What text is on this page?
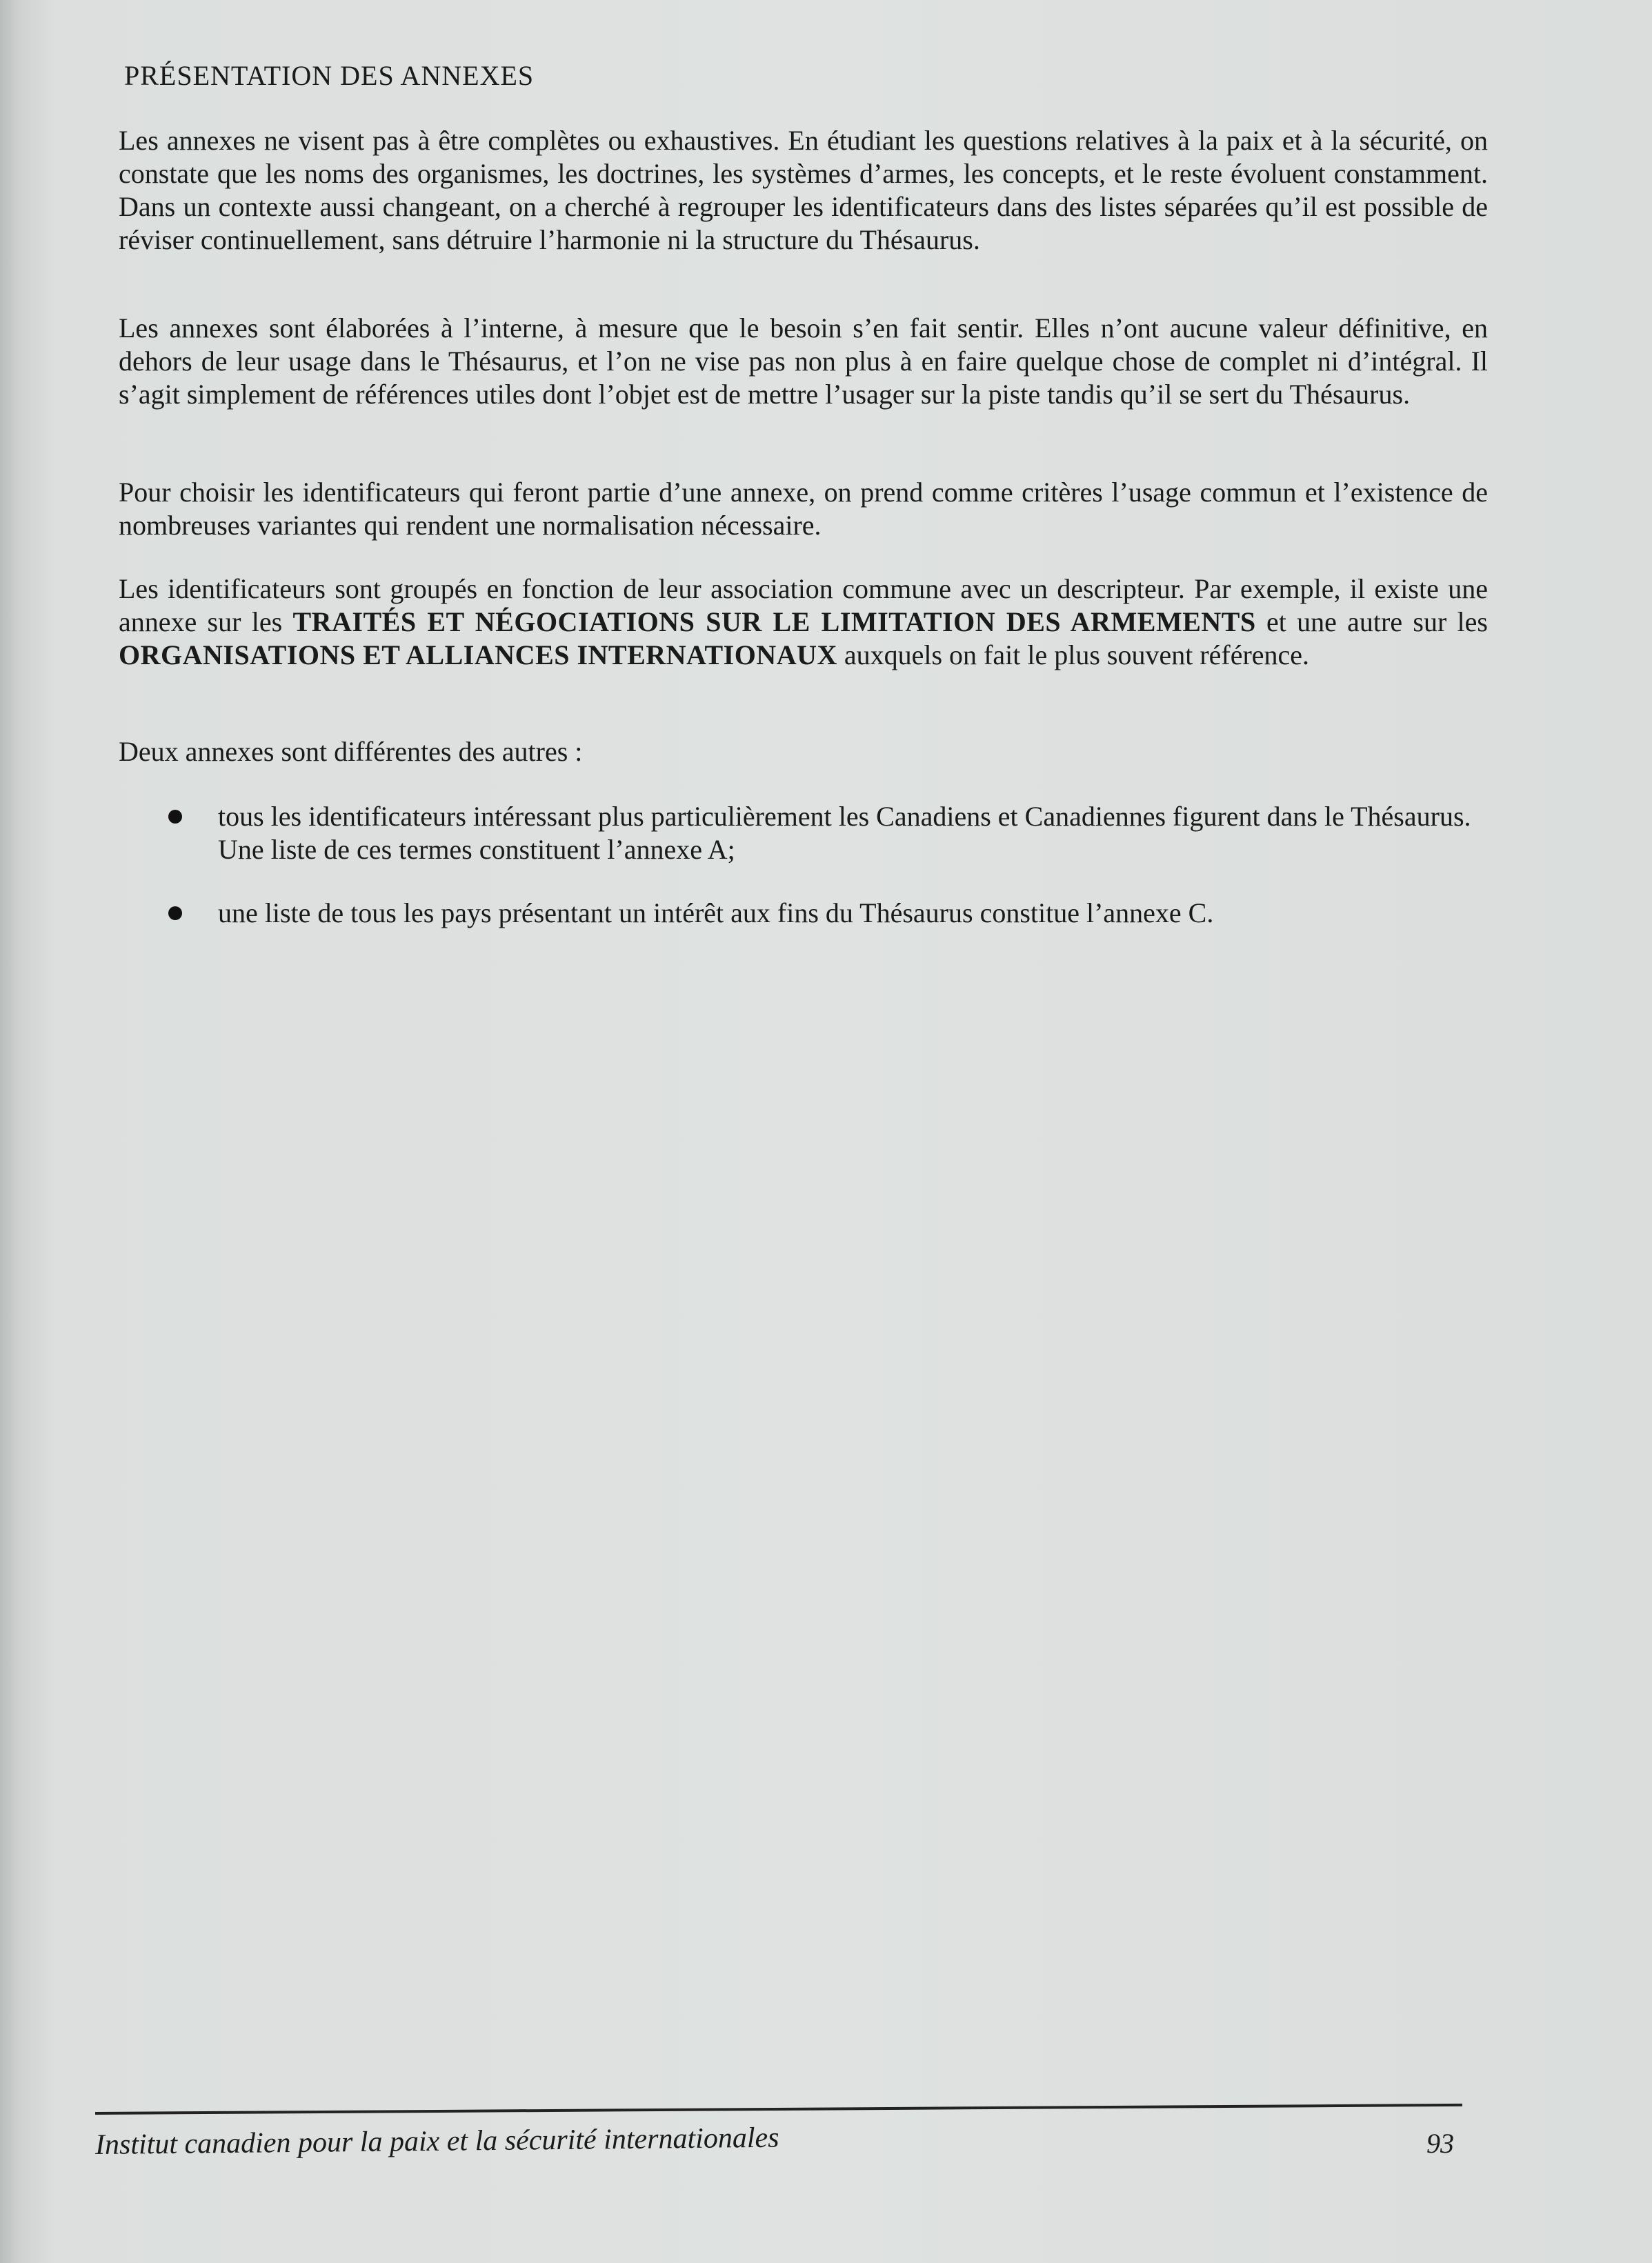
PRÉSENTATION DES ANNEXES

Les annexes ne visent pas à être complètes ou exhaustives. En étudiant les questions relatives à la paix et à la sécurité, on constate que les noms des organismes, les doctrines, les systèmes d’armes, les concepts, et le reste évoluent constamment. Dans un contexte aussi changeant, on a cherché à regrouper les identificateurs dans des listes séparées qu’il est possible de réviser continuellement, sans détruire l’harmonie ni la structure du Thésaurus.

Les annexes sont élaborées à l’interne, à mesure que le besoin s’en fait sentir. Elles n’ont aucune valeur définitive, en dehors de leur usage dans le Thésaurus, et l’on ne vise pas non plus à en faire quelque chose de complet ni d’intégral. Il s’agit simplement de références utiles dont l’objet est de mettre l’usager sur la piste tandis qu’il se sert du Thésaurus.

Pour choisir les identificateurs qui feront partie d’une annexe, on prend comme critères l’usage commun et l’existence de nombreuses variantes qui rendent une normalisation nécessaire.

Les identificateurs sont groupés en fonction de leur association commune avec un descripteur. Par exemple, il existe une annexe sur les TRAITÉS ET NÉGOCIATIONS SUR LE LIMITATION DES ARMEMENTS et une autre sur les ORGANISATIONS ET ALLIANCES INTERNATIONAUX auxquels on fait le plus souvent référence.

Deux annexes sont différentes des autres :

tous les identificateurs intéressant plus particulièrement les Canadiens et Canadiennes figurent dans le Thésaurus. Une liste de ces termes constituent l’annexe A;
une liste de tous les pays présentant un intérêt aux fins du Thésaurus constitue l’annexe C.

Institut canadien pour la paix et la sécurité internationales	93
